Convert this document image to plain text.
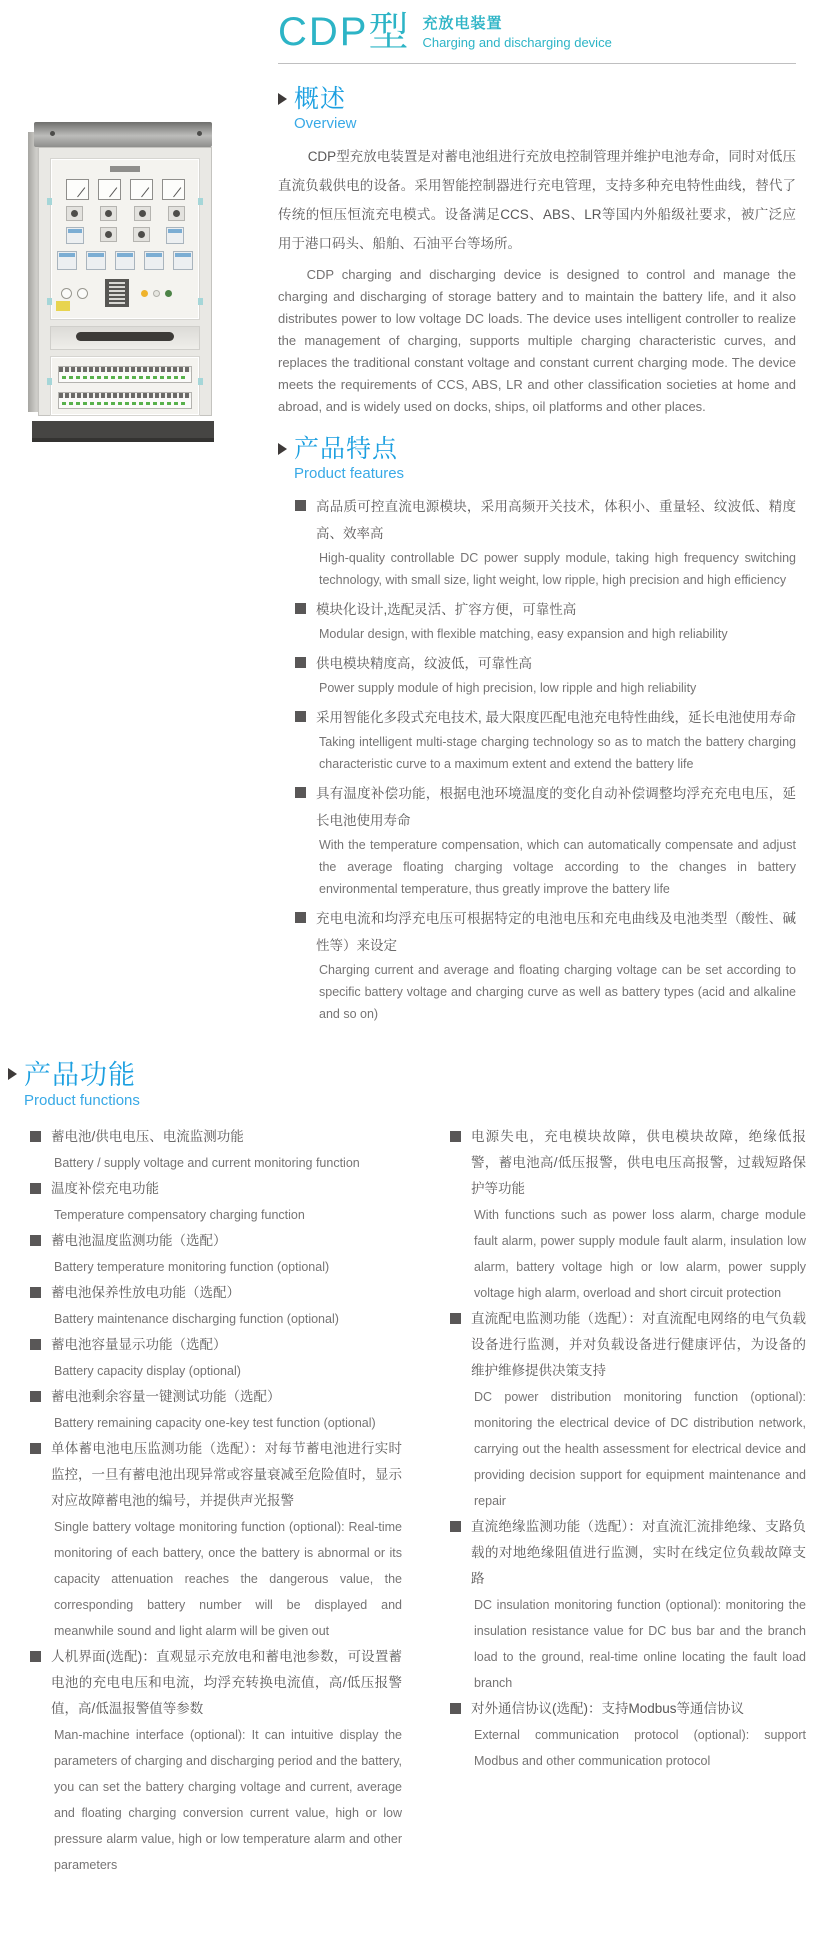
CDP型 充放电装置
Charging and discharging device
概述
Overview
CDP型充放电装置是对蓄电池组进行充放电控制管理并维护电池寿命，同时对低压直流负载供电的设备。采用智能控制器进行充电管理，支持多种充电特性曲线，替代了传统的恒压恒流充电模式。设备满足CCS、ABS、LR等国内外船级社要求，被广泛应用于港口码头、船舶、石油平台等场所。
CDP charging and discharging device is designed to control and manage the charging and discharging of storage battery and to maintain the battery life, and it also distributes power to low voltage DC loads. The device uses intelligent controller to realize the management of charging, supports multiple charging characteristic curves, and replaces the traditional constant voltage and constant current charging mode. The device meets the requirements of CCS, ABS, LR and other classification societies at home and abroad, and is widely used on docks, ships, oil platforms and other places.
产品特点
Product features
高品质可控直流电源模块，采用高频开关技术，体积小、重量轻、纹波低、精度高、效率高
High-quality controllable DC power supply module, taking high frequency switching technology, with small size, light weight, low ripple, high precision and high efficiency
模块化设计,选配灵活、扩容方便，可靠性高
Modular design, with flexible matching, easy expansion and high reliability
供电模块精度高，纹波低，可靠性高
Power supply module of high precision, low ripple and high reliability
采用智能化多段式充电技术, 最大限度匹配电池充电特性曲线，延长电池使用寿命
Taking intelligent multi-stage charging technology so as to match the battery charging characteristic curve to a maximum extent and extend the battery life
具有温度补偿功能，根据电池环境温度的变化自动补偿调整均浮充充电电压，延长电池使用寿命
With the temperature compensation, which can automatically compensate and adjust the average floating charging voltage according to the changes in battery environmental temperature, thus greatly improve the battery life
充电电流和均浮充电压可根据特定的电池电压和充电曲线及电池类型（酸性、碱性等）来设定
Charging current and average and floating charging voltage can be set according to specific battery voltage and charging curve as well as battery types (acid and alkaline and so on)
产品功能
Product functions
蓄电池/供电电压、电流监测功能
Battery / supply voltage and current monitoring function
温度补偿充电功能
Temperature compensatory charging function
蓄电池温度监测功能（选配）
Battery temperature monitoring function (optional)
蓄电池保养性放电功能（选配）
Battery maintenance discharging function (optional)
蓄电池容量显示功能（选配）
Battery capacity display (optional)
蓄电池剩余容量一键测试功能（选配）
Battery remaining capacity one-key test function (optional)
单体蓄电池电压监测功能（选配）：对每节蓄电池进行实时监控，一旦有蓄电池出现异常或容量衰减至危险值时，显示对应故障蓄电池的编号，并提供声光报警
Single battery voltage monitoring function (optional): Real-time monitoring of each battery, once the battery is abnormal or its capacity attenuation reaches the dangerous value, the corresponding battery number will be displayed and meanwhile sound and light alarm will be given out
人机界面(选配)：直观显示充放电和蓄电池参数，可设置蓄电池的充电电压和电流，均浮充转换电流值，高/低压报警值，高/低温报警值等参数
Man-machine interface (optional): It can intuitive display the parameters of charging and discharging period and the battery, you can set the battery charging voltage and current, average and floating charging conversion current value, high or low pressure alarm value, high or low temperature alarm and other parameters
电源失电，充电模块故障，供电模块故障，绝缘低报警，蓄电池高/低压报警，供电电压高报警，过载短路保护等功能
With functions such as power loss alarm, charge module fault alarm, power supply module fault alarm, insulation low alarm, battery voltage high or low alarm, power supply voltage high alarm, overload and short circuit protection
直流配电监测功能（选配）：对直流配电网络的电气负载设备进行监测，并对负载设备进行健康评估，为设备的维护维修提供决策支持
DC power distribution monitoring function (optional): monitoring the electrical device of DC distribution network, carrying out the health assessment for electrical device and providing decision support for equipment maintenance and repair
直流绝缘监测功能（选配）：对直流汇流排绝缘、支路负载的对地绝缘阻值进行监测，实时在线定位负载故障支路
DC insulation monitoring function (optional): monitoring the insulation resistance value for DC bus bar and the branch load to the ground, real-time online locating the fault load branch
对外通信协议(选配)：支持Modbus等通信协议
External communication protocol (optional): support Modbus and other communication protocol
